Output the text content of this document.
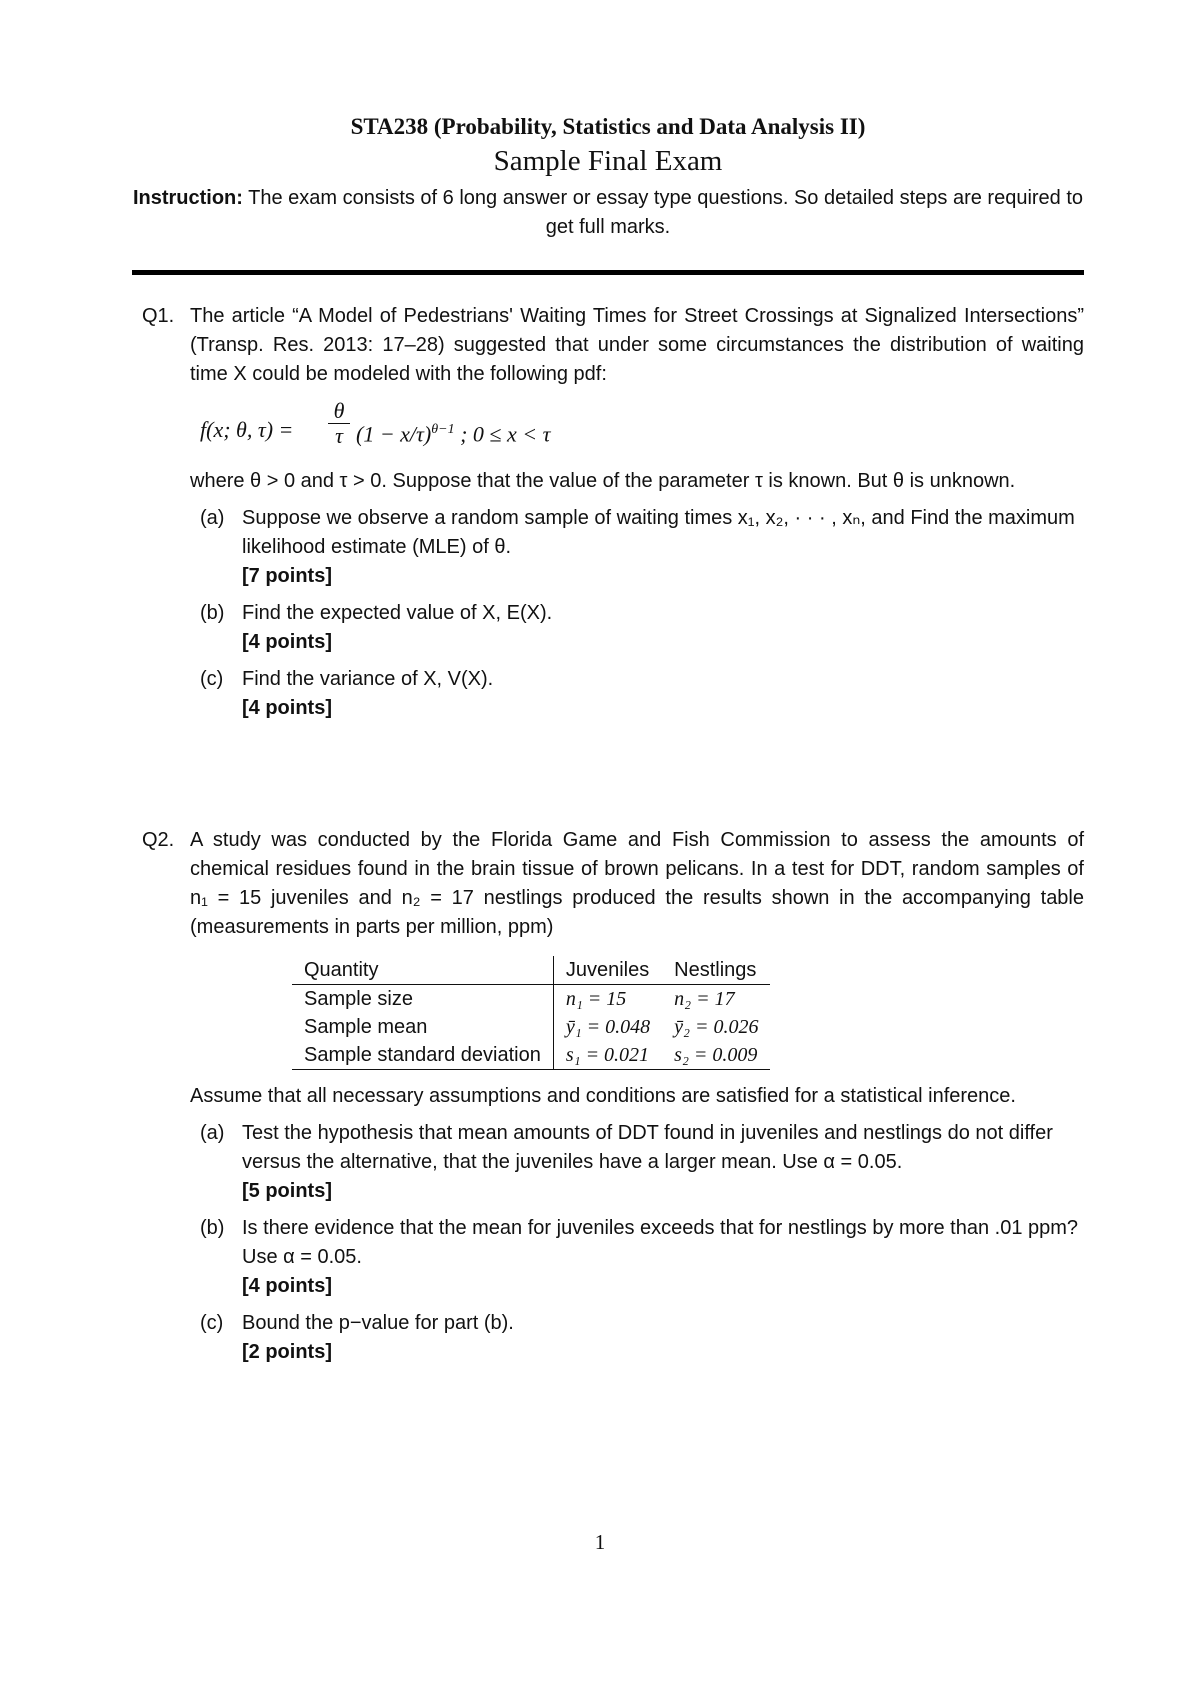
STA238 (Probability, Statistics and Data Analysis II)
Sample Final Exam
Instruction: The exam consists of 6 long answer or essay type questions. So detailed steps are required to get full marks.
Q1. The article “A Model of Pedestrians' Waiting Times for Street Crossings at Signalized Intersections” (Transp. Res. 2013: 17–28) suggested that under some circumstances the distribution of waiting time X could be modeled with the following pdf:
f(x; θ, $\tau) = \frac{\theta}{\tau} (1 - x/\tau)^{\theta-1}$ ; 0 ≤ x < τ
where θ > 0 and τ > 0. Suppose that the value of the parameter τ is known. But θ is unknown.
(a) Suppose we observe a random sample of waiting times x₁, x₂, · · · , xₙ, and Find the maximum likelihood estimate (MLE) of θ.
[7 points]
(b) Find the expected value of X, E(X).
[4 points]
(c) Find the variance of X, V(X).
[4 points]
Q2. A study was conducted by the Florida Game and Fish Commission to assess the amounts of chemical residues found in the brain tissue of brown pelicans. In a test for DDT, random samples of n₁ = 15 juveniles and n₂ = 17 nestlings produced the results shown in the accompanying table (measurements in parts per million, ppm)
Quantity	Juveniles	Nestlings
Sample size	n₁ = 15	n₂ = 17
Sample mean	ȳ₁ = 0.048	ȳ₂ = 0.026
Sample standard deviation	s₁ = 0.021	s₂ = 0.009
Assume that all necessary assumptions and conditions are satisfied for a statistical inference.
(a) Test the hypothesis that mean amounts of DDT found in juveniles and nestlings do not differ versus the alternative, that the juveniles have a larger mean. Use α = 0.05.
[5 points]
(b) Is there evidence that the mean for juveniles exceeds that for nestlings by more than .01 ppm? Use α = 0.05.
[4 points]
(c) Bound the p−value for part (b).
[2 points]
1
